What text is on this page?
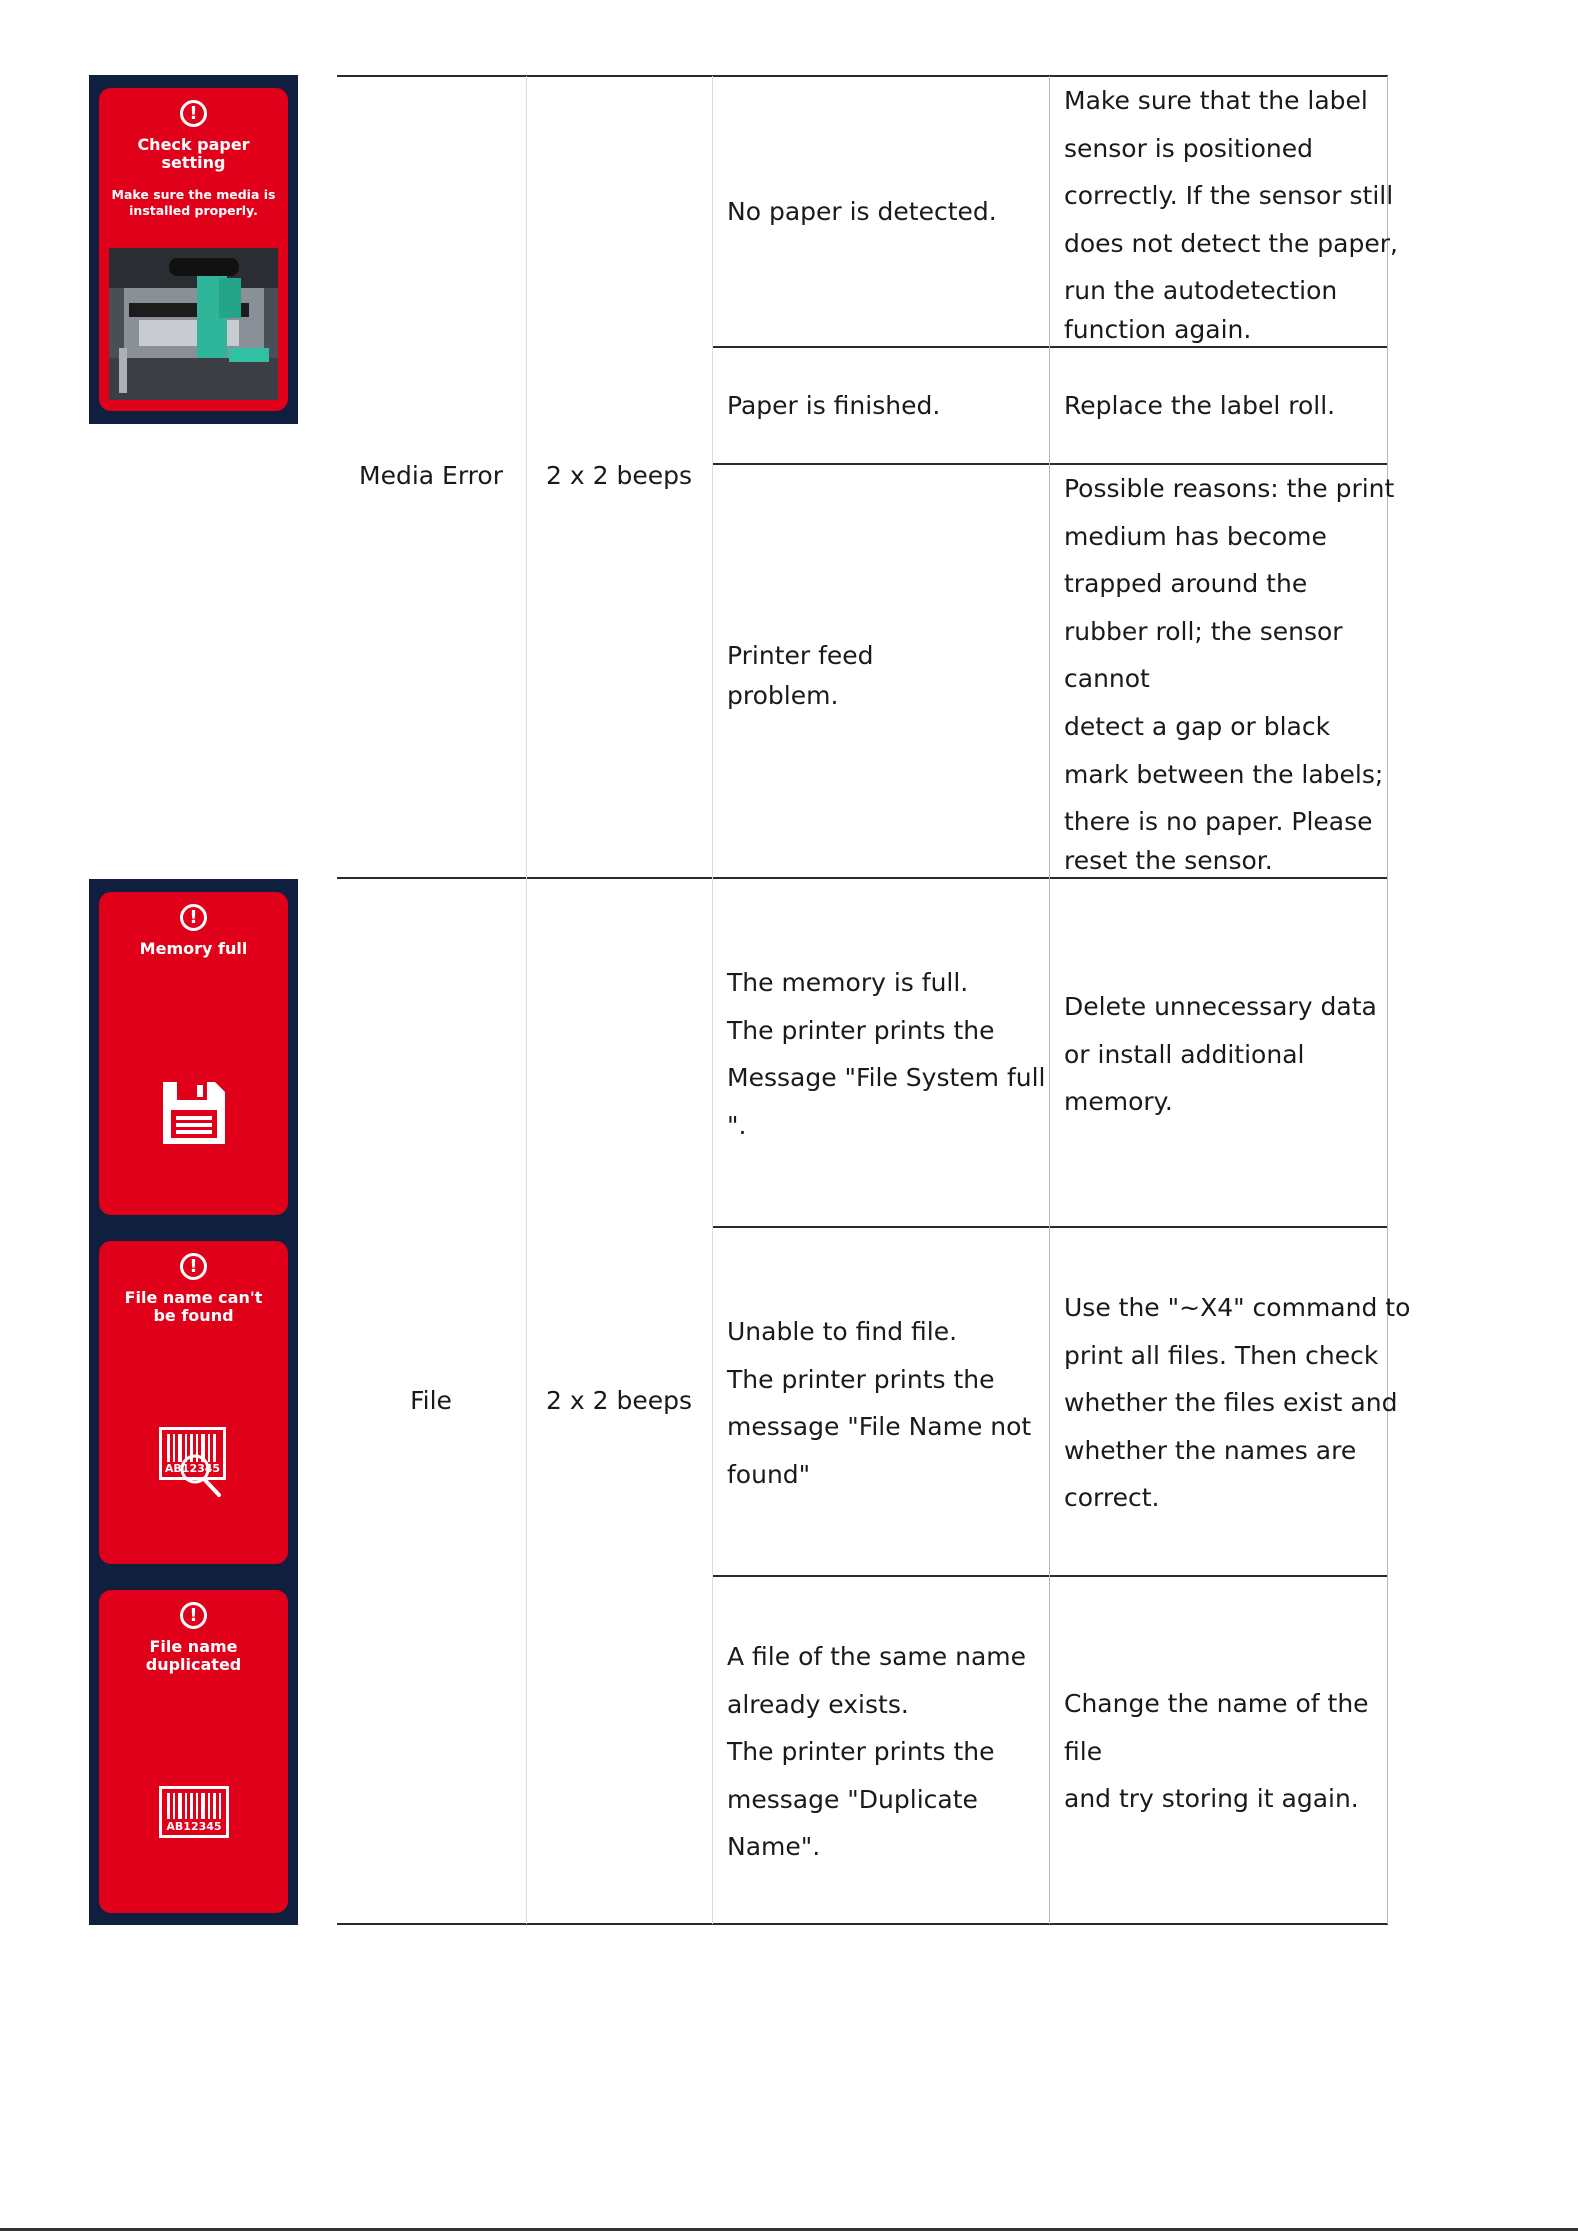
Media Error 2 x 2 beeps
No paper is detected.
Make sure that the label
sensor is positioned
correctly. If the sensor still
does not detect the paper,
run the autodetection
function again.
Paper is finished.	Replace the label roll.
Printer feed
problem.
Possible reasons: the print
medium has become
trapped around the
rubber roll; the sensor
cannot
detect a gap or black
mark between the labels;
there is no paper. Please
reset the sensor.
!
Check paper
setting
Make sure the media is
installed properly.
File	2 x 2 beeps
The memory is full.
The printer prints the
Message "File System full
".
Delete unnecessary data
or install additional
memory.
Unable to find file.
The printer prints the
message "File Name not
found"
Use the "~X4" command to
print all files. Then check
whether the files exist and
whether the names are
correct.
A file of the same name
already exists.
The printer prints the
message "Duplicate
Name".
Change the name of the
file
and try storing it again.
!
Memory full
!
File name can't
be found
AB12345
!
File name
duplicated
AB12345
